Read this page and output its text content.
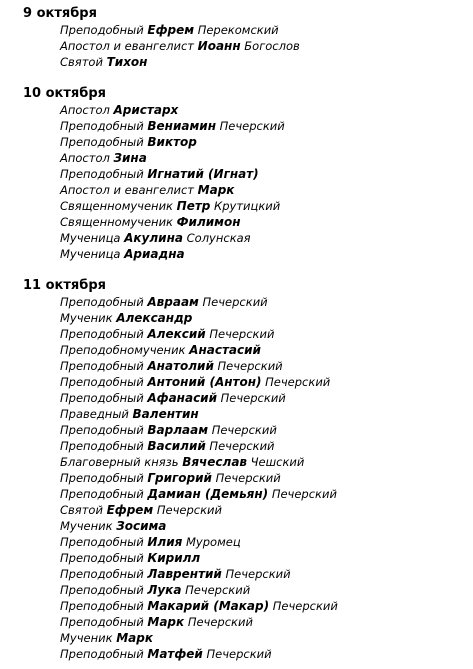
9 октября
Преподобный Ефрем Перекомский
Апостол и евангелист Иоанн Богослов
Святой Тихон
10 октября
Апостол Аристарх
Преподобный Вениамин Печерский
Преподобный Виктор
Апостол Зина
Преподобный Игнатий (Игнат)
Апостол и евангелист Марк
Священномученик Петр Крутицкий
Священномученик Филимон
Мученица Акулина Солунская
Мученица Ариадна
11 октября
Преподобный Авраам Печерский
Мученик Александр
Преподобный Алексий Печерский
Преподобномученик Анастасий
Преподобный Анатолий Печерский
Преподобный Антоний (Антон) Печерский
Преподобный Афанасий Печерский
Праведный Валентин
Преподобный Варлаам Печерский
Преподобный Василий Печерский
Благоверный князь Вячеслав Чешский
Преподобный Григорий Печерский
Преподобный Дамиан (Демьян) Печерский
Святой Ефрем Печерский
Мученик Зосима
Преподобный Илия Муромец
Преподобный Кирилл
Преподобный Лаврентий Печерский
Преподобный Лука Печерский
Преподобный Макарий (Макар) Печерский
Преподобный Марк Печерский
Мученик Марк
Преподобный Матфей Печерский
